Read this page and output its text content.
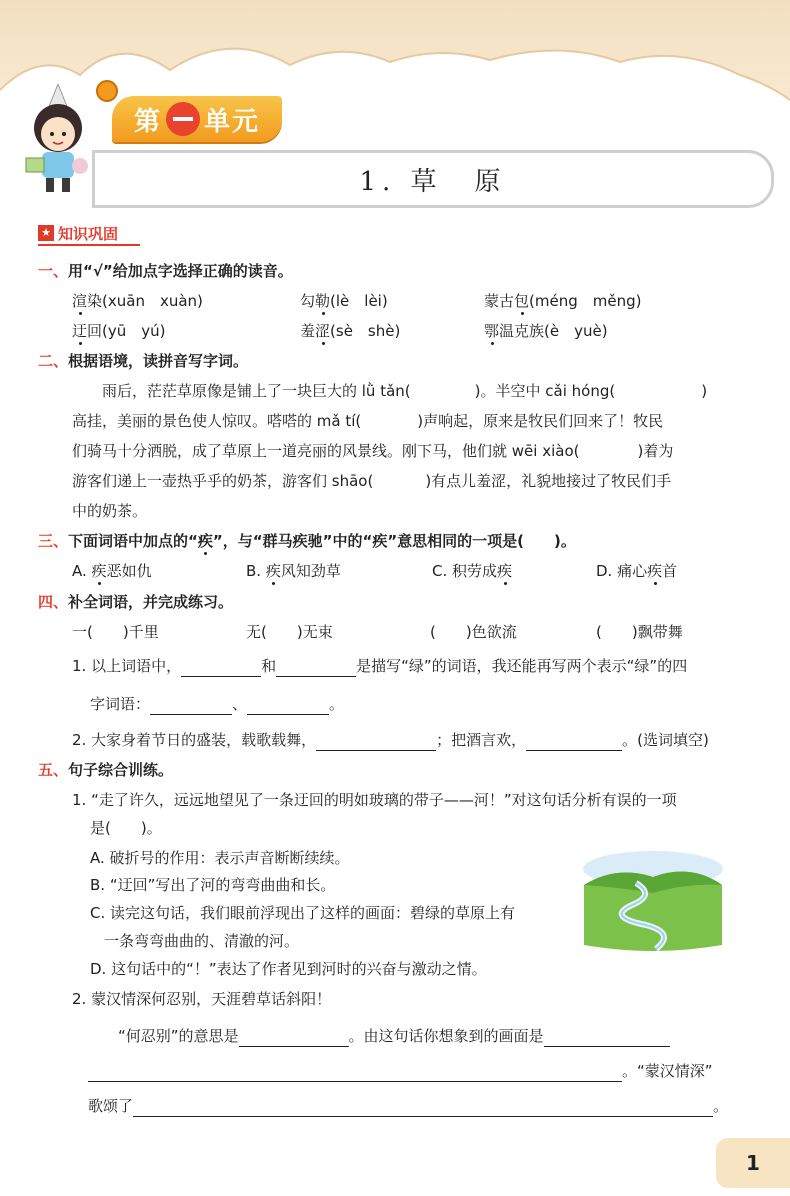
第 单元
1. 草　原
★ 知识巩固
一、用“√”给加点字选择正确的读音。
渲染(xuān　xuàn)	勾勒(lè　lèi)	蒙古包(méng　měng)
迂回(yū　yú)	羞涩(sè　shè)	鄂温克族(è　yuè)
二、根据语境，读拼音写字词。
雨后，茫茫草原像是铺上了一块巨大的 lǜ tǎn(	)。半空中 cǎi hóng(	)
高挂，美丽的景色使人惊叹。嗒嗒的 mǎ tí(	)声响起，原来是牧民们回来了！牧民
们骑马十分洒脱，成了草原上一道亮丽的风景线。刚下马，他们就 wēi xiào(	)着为
游客们递上一壶热乎乎的奶茶，游客们 shāo(	)有点儿羞涩，礼貌地接过了牧民们手
中的奶茶。
三、下面词语中加点的“疾”，与“群马疾驰”中的“疾”意思相同的一项是(　　)。
A. 疾恶如仇	B. 疾风知劲草	C. 积劳成疾	D. 痛心疾首
四、补全词语，并完成练习。
一(　　)千里	无(　　)无束	(　　)色欲流	(　　)飘带舞
1. 以上词语中，	和	是描写“绿”的词语，我还能再写两个表示“绿”的四
字词语：	、	。
2. 大家身着节日的盛装，载歌载舞，	；把酒言欢，	。(选词填空)
五、句子综合训练。
1. “走了许久，远远地望见了一条迂回的明如玻璃的带子——河！”对这句话分析有误的一项
是(　　)。
A. 破折号的作用：表示声音断断续续。
B. “迂回”写出了河的弯弯曲曲和长。
C. 读完这句话，我们眼前浮现出了这样的画面：碧绿的草原上有
一条弯弯曲曲的、清澈的河。
D. 这句话中的“！”表达了作者见到河时的兴奋与激动之情。
2. 蒙汉情深何忍别，天涯碧草话斜阳！
“何忍别”的意思是	。由这句话你想象到的画面是
。“蒙汉情深”
歌颂了	。
1
